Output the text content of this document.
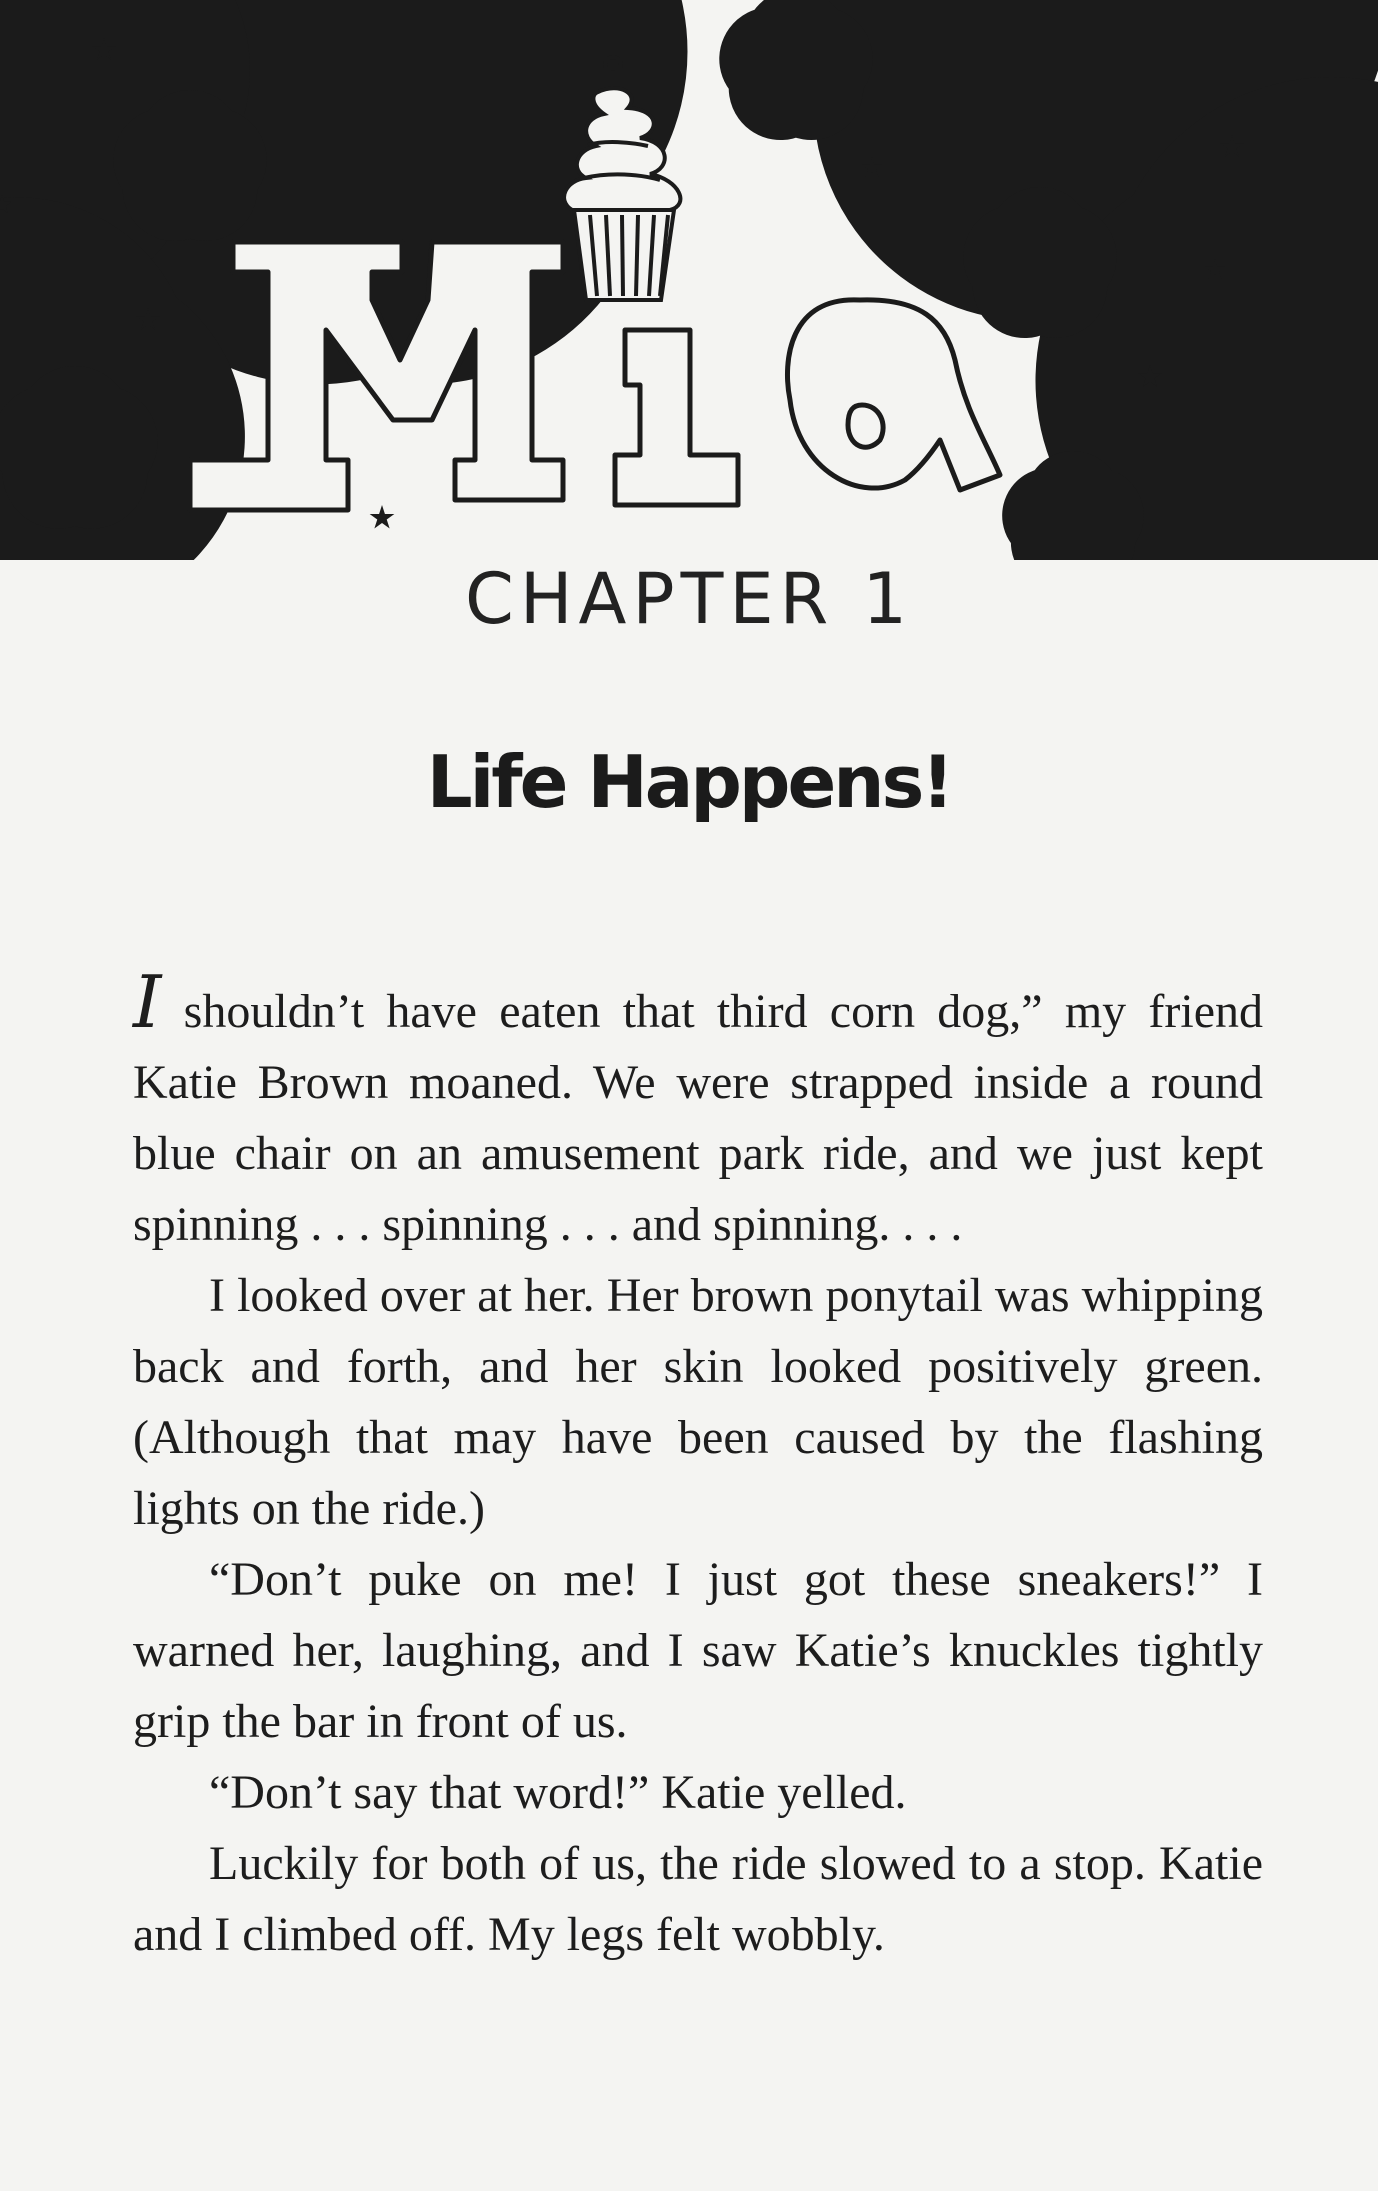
CHAPTER 1
Life Happens!

I shouldn’t have eaten that third corn dog,” my friend Katie Brown moaned. We were strapped inside a round blue chair on an amusement park ride, and we just kept spinning . . . spinning . . . and spinning. . . .

I looked over at her. Her brown ponytail was whipping back and forth, and her skin looked positively green. (Although that may have been caused by the flashing lights on the ride.)

“Don’t puke on me! I just got these sneakers!” I warned her, laughing, and I saw Katie’s knuckles tightly grip the bar in front of us.

“Don’t say that word!” Katie yelled.

Luckily for both of us, the ride slowed to a stop. Katie and I climbed off. My legs felt wobbly.
